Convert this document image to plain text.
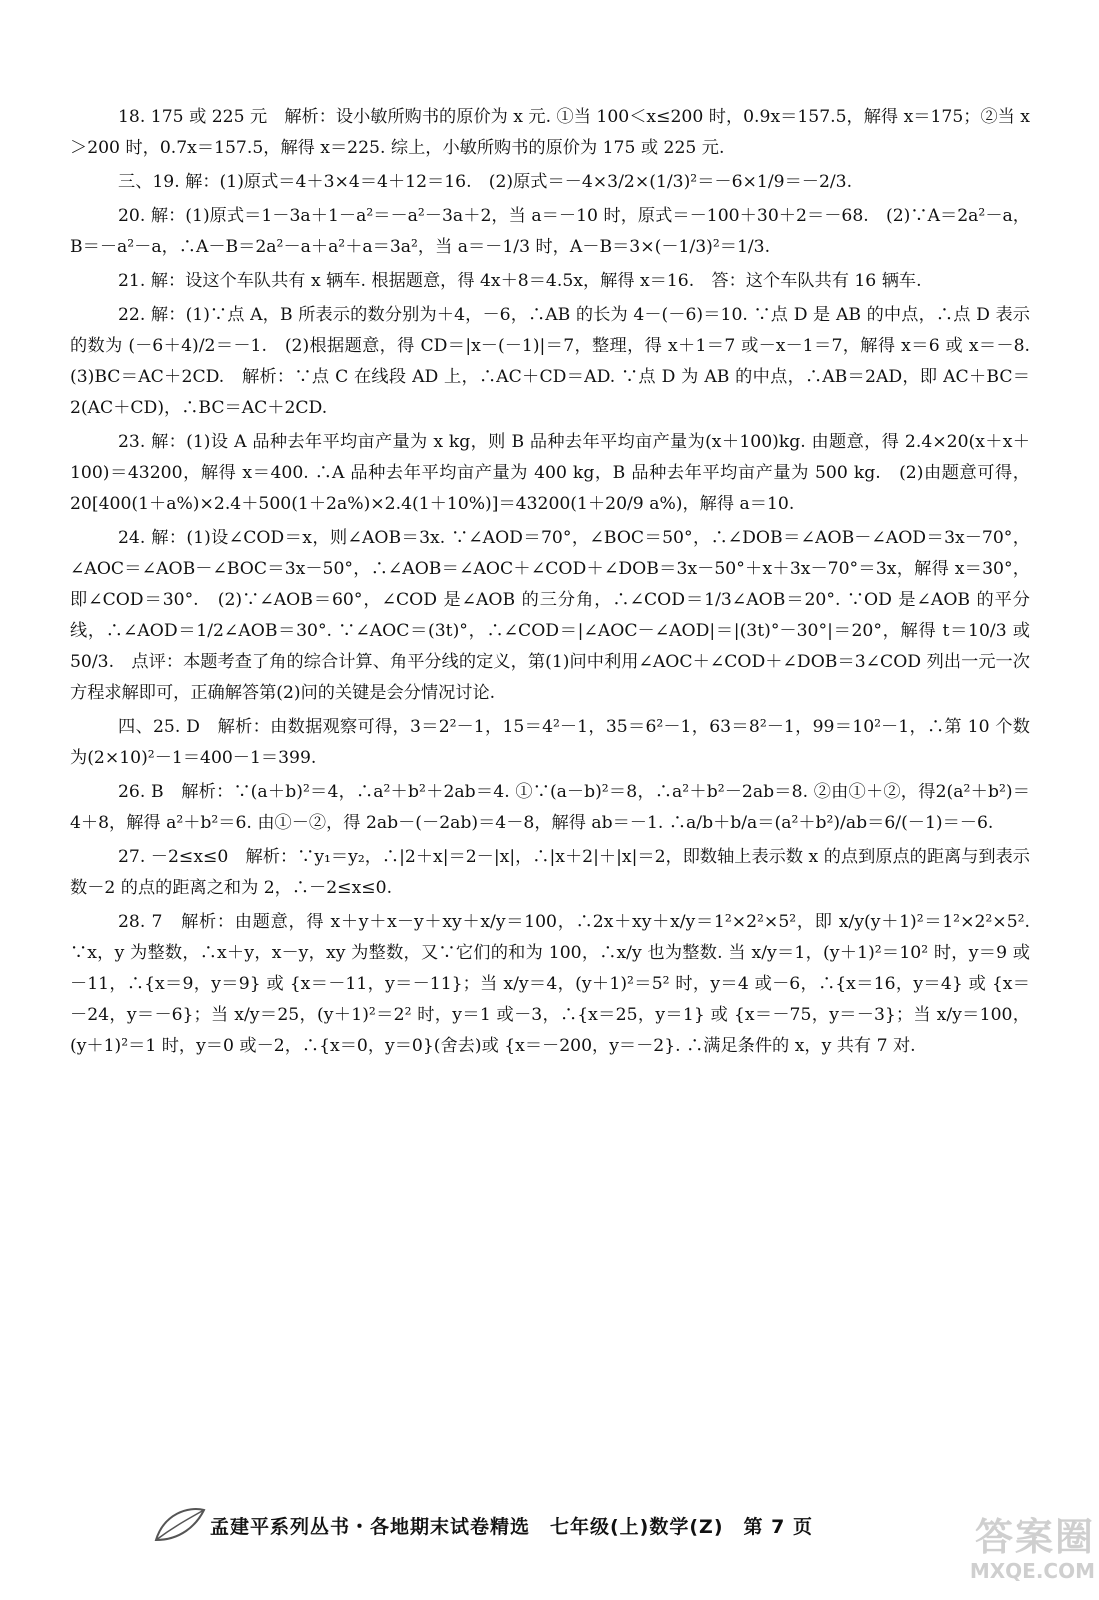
18. 175 或 225 元　解析：设小敏所购书的原价为 x 元. ①当 100＜x≤200 时，0.9x＝157.5，解得 x＝175；②当 x＞200 时，0.7x＝157.5，解得 x＝225. 综上，小敏所购书的原价为 175 或 225 元.

三、19. 解：(1)原式＝4＋3×4＝4＋12＝16.　(2)原式＝－4×3/2×(1/3)²＝－6×1/9＝－2/3.

20. 解：(1)原式＝1－3a＋1－a²＝－a²－3a＋2，当 a＝－10 时，原式＝－100＋30＋2＝－68.　(2)∵A＝2a²－a，B＝－a²－a，∴A－B＝2a²－a＋a²＋a＝3a²，当 a＝－1/3 时，A－B＝3×(－1/3)²＝1/3.

21. 解：设这个车队共有 x 辆车. 根据题意，得 4x＋8＝4.5x，解得 x＝16.　答：这个车队共有 16 辆车.

22. 解：(1)∵点 A，B 所表示的数分别为＋4，－6，∴AB 的长为 4－(－6)＝10. ∵点 D 是 AB 的中点，∴点 D 表示的数为 (－6＋4)/2＝－1.　(2)根据题意，得 CD＝|x－(－1)|＝7，整理，得 x＋1＝7 或－x－1＝7，解得 x＝6 或 x＝－8.　(3)BC＝AC＋2CD.　解析：∵点 C 在线段 AD 上，∴AC＋CD＝AD. ∵点 D 为 AB 的中点，∴AB＝2AD，即 AC＋BC＝2(AC＋CD)，∴BC＝AC＋2CD.

23. 解：(1)设 A 品种去年平均亩产量为 x kg，则 B 品种去年平均亩产量为(x＋100)kg. 由题意，得 2.4×20(x＋x＋100)＝43200，解得 x＝400. ∴A 品种去年平均亩产量为 400 kg，B 品种去年平均亩产量为 500 kg.　(2)由题意可得，20[400(1＋a%)×2.4＋500(1＋2a%)×2.4(1＋10%)]＝43200(1＋20/9 a%)，解得 a＝10.

24. 解：(1)设∠COD＝x，则∠AOB＝3x. ∵∠AOD＝70°，∠BOC＝50°，∴∠DOB＝∠AOB－∠AOD＝3x－70°，∠AOC＝∠AOB－∠BOC＝3x－50°，∴∠AOB＝∠AOC＋∠COD＋∠DOB＝3x－50°＋x＋3x－70°＝3x，解得 x＝30°，即∠COD＝30°.　(2)∵∠AOB＝60°，∠COD 是∠AOB 的三分角，∴∠COD＝1/3∠AOB＝20°. ∵OD 是∠AOB 的平分线，∴∠AOD＝1/2∠AOB＝30°. ∵∠AOC＝(3t)°，∴∠COD＝|∠AOC－∠AOD|＝|(3t)°－30°|＝20°，解得 t＝10/3 或 50/3.　点评：本题考查了角的综合计算、角平分线的定义，第(1)问中利用∠AOC＋∠COD＋∠DOB＝3∠COD 列出一元一次方程求解即可，正确解答第(2)问的关键是会分情况讨论.

四、25. D　解析：由数据观察可得，3＝2²－1，15＝4²－1，35＝6²－1，63＝8²－1，99＝10²－1，∴第 10 个数为(2×10)²－1＝400－1＝399.

26. B　解析：∵(a＋b)²＝4，∴a²＋b²＋2ab＝4. ①∵(a－b)²＝8，∴a²＋b²－2ab＝8. ②由①＋②，得2(a²＋b²)＝4＋8，解得 a²＋b²＝6. 由①－②，得 2ab－(－2ab)＝4－8，解得 ab＝－1. ∴a/b＋b/a＝(a²＋b²)/ab＝6/(－1)＝－6.

27. －2≤x≤0　解析：∵y₁＝y₂，∴|2＋x|＝2－|x|，∴|x＋2|＋|x|＝2，即数轴上表示数 x 的点到原点的距离与到表示数－2 的点的距离之和为 2，∴－2≤x≤0.

28. 7　解析：由题意，得 x＋y＋x－y＋xy＋x/y＝100，∴2x＋xy＋x/y＝1²×2²×5²，即 x/y(y＋1)²＝1²×2²×5². ∵x，y 为整数，∴x＋y，x－y，xy 为整数，又∵它们的和为 100，∴x/y 也为整数. 当 x/y＝1，(y＋1)²＝10² 时，y＝9 或－11，∴{x＝9，y＝9} 或 {x＝－11，y＝－11}；当 x/y＝4，(y＋1)²＝5² 时，y＝4 或－6，∴{x＝16，y＝4} 或 {x＝－24，y＝－6}；当 x/y＝25，(y＋1)²＝2² 时，y＝1 或－3，∴{x＝25，y＝1} 或 {x＝－75，y＝－3}；当 x/y＝100，(y＋1)²＝1 时，y＝0 或－2，∴{x＝0，y＝0}(舍去)或 {x＝－200，y＝－2}. ∴满足条件的 x，y 共有 7 对.

孟建平系列丛书・各地期末试卷精选　七年级(上)数学(Z)　第 7 页	答案圈
MXQE.COM
